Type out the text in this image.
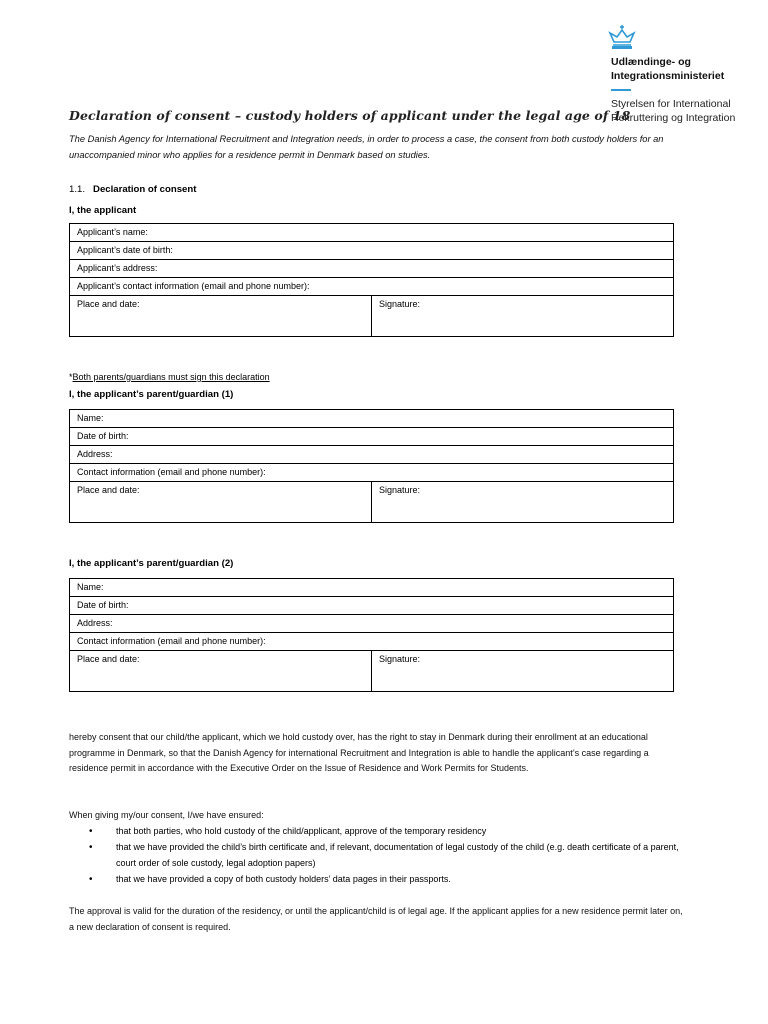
Udlændinge- og
Integrationsministeriet
Styrelsen for International
Rekruttering og Integration
Declaration of consent – custody holders of applicant under the legal age of 18
The Danish Agency for International Recruitment and Integration needs, in order to process a case, the consent from both custody holders for an unaccompanied minor who applies for a residence permit in Denmark based on studies.
1.1. Declaration of consent
I, the applicant
Applicant’s name:
Applicant’s date of birth:
Applicant’s address:
Applicant’s contact information (email and phone number):
Place and date:	Signature:
*Both parents/guardians must sign this declaration
I, the applicant’s parent/guardian (1)
Name:
Date of birth:
Address:
Contact information (email and phone number):
Place and date:	Signature:
I, the applicant’s parent/guardian (2)
Name:
Date of birth:
Address:
Contact information (email and phone number):
Place and date:	Signature:
hereby consent that our child/the applicant, which we hold custody over, has the right to stay in Denmark during their enrollment at an educational programme in Denmark, so that the Danish Agency for international Recruitment and Integration is able to handle the applicant’s case regarding a residence permit in accordance with the Executive Order on the Issue of Residence and Work Permits for Students.
When giving my/our consent, I/we have ensured:
•	that both parties, who hold custody of the child/applicant, approve of the temporary residency
•	that we have provided the child’s birth certificate and, if relevant, documentation of legal custody of the child (e.g. death certificate of a parent, court order of sole custody, legal adoption papers)
•	that we have provided a copy of both custody holders’ data pages in their passports.
The approval is valid for the duration of the residency, or until the applicant/child is of legal age. If the applicant applies for a new residence permit later on, a new declaration of consent is required.
